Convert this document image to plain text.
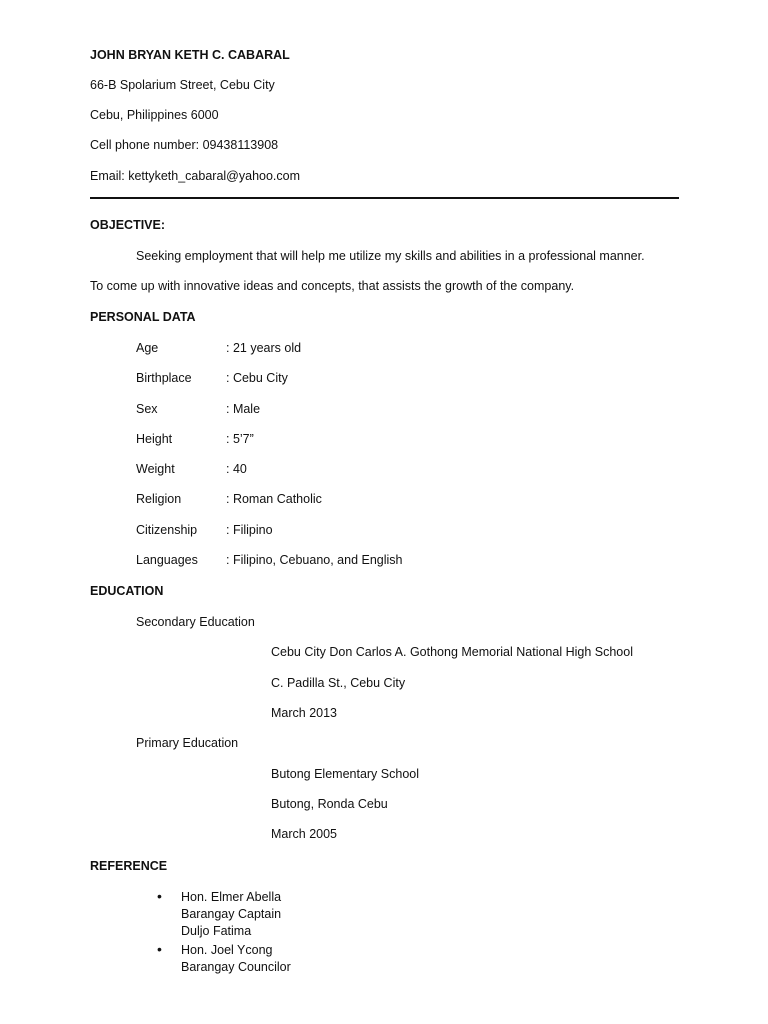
JOHN BRYAN KETH C. CABARAL
66-B Spolarium Street, Cebu City
Cebu, Philippines 6000
Cell phone number: 09438113908
Email: kettyketh_cabaral@yahoo.com
OBJECTIVE:
Seeking employment that will help me utilize my skills and abilities in a professional manner.
To come up with innovative ideas and concepts, that assists the growth of the company.
PERSONAL DATA
Age	: 21 years old
Birthplace	: Cebu City
Sex	: Male
Height	: 5’7”
Weight	: 40
Religion	: Roman Catholic
Citizenship : Filipino
Languages : Filipino, Cebuano, and English
EDUCATION
Secondary Education
Cebu City Don Carlos A. Gothong Memorial National High School
C. Padilla St., Cebu City
March 2013
Primary Education
Butong Elementary School
Butong, Ronda Cebu
March 2005
REFERENCE
• Hon. Elmer Abella
Barangay Captain
Duljo Fatima
• Hon. Joel Ycong
Barangay Councilor
